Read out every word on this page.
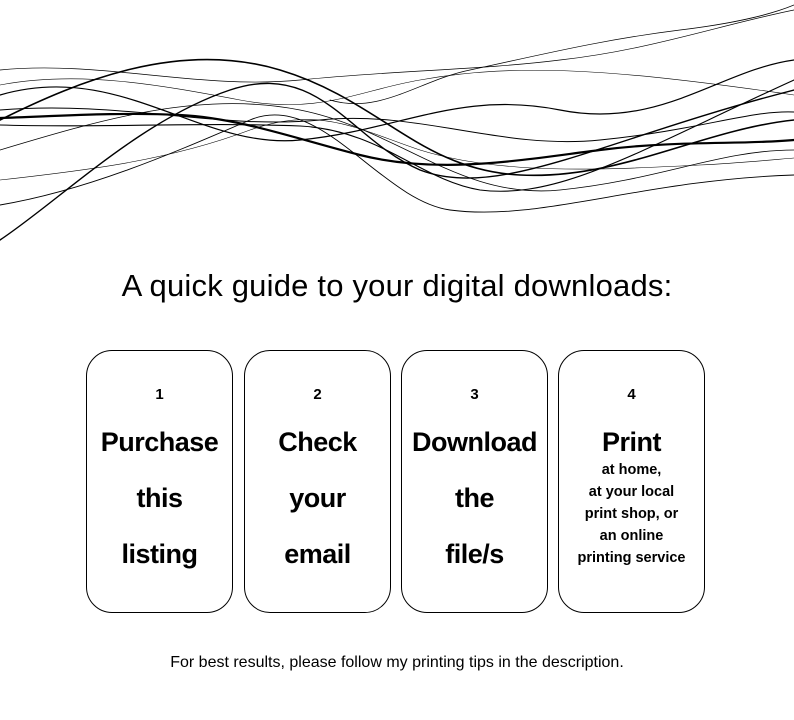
A quick guide to your digital downloads:
1
Purchase
this
listing
2
Check
your
email
3
Download
the
file/s
4
Print
at home,
at your local
print shop, or
an online
printing service

For best results, please follow my printing tips in the description.
